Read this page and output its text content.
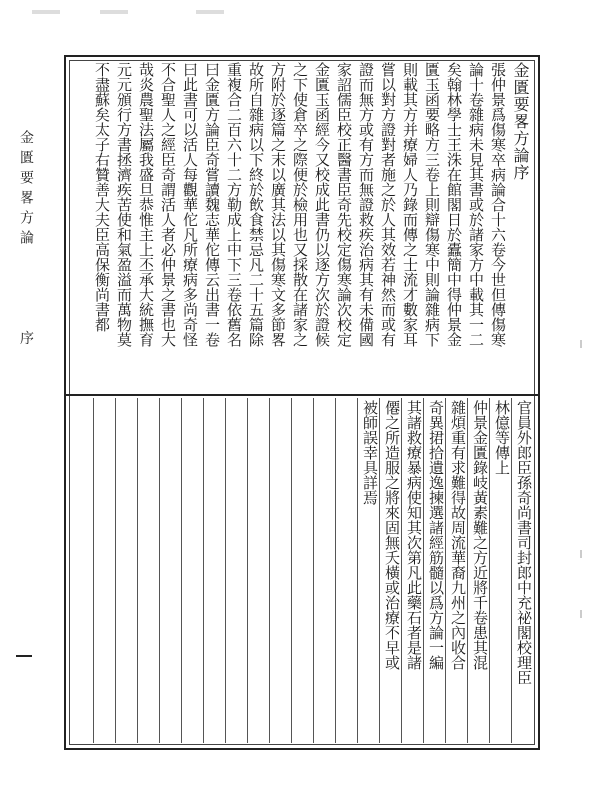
金匱要畧方論  序
金匱要畧方論序
張仲景爲傷寒卒病論合十六卷今世但傳傷寒
論十卷雜病未見其書或於諸家方中載其一二
矣翰林學士王洙在館閣日於蠹簡中得仲景金
匱玉函要略方三卷上則辯傷寒中則論雜病下
則載其方并療婦人乃錄而傳之士流才數家耳
嘗以對方證對者施之於人其效若神然而或有
證而無方或有方而無證救疾治病其有未備國
家詔儒臣校正醫書臣奇先校定傷寒論次校定
金匱玉函經今又校成此書仍以逐方次於證候
之下使倉卒之際便於檢用也又採散在諸家之
方附於逐篇之末以廣其法以其傷寒文多節畧
故所自雜病以下終於飲食禁忌凡二十五篇除
重複合二百六十二方勒成上中下三卷依舊名
曰金匱方論臣奇嘗讀魏志華佗傳云出書一卷
曰此書可以活人每觀華佗凡所療病多尚奇怪
不合聖人之經臣奇謂活人者必仲景之書也大
哉炎農聖法屬我盛旦恭惟主上丕承大統撫育
元元頒行方書拯濟疾苦使和氣盈溢而萬物莫
不盡蘇矣太子右贊善大夫臣高保衡尚書都
官員外郎臣孫奇尚書司封郎中充祕閣校理臣
林億等傳上
仲景金匱錄岐黃素難之方近將千卷患其混
雜煩重有求難得故周流華裔九州之內收合
奇異捃拾遺逸揀選諸經筋髓以爲方論一編
其諸救療暴病使知其次第凡此藥石者是諸
僊之所造服之將來固無夭橫或治療不早或
被師誤幸具詳焉
